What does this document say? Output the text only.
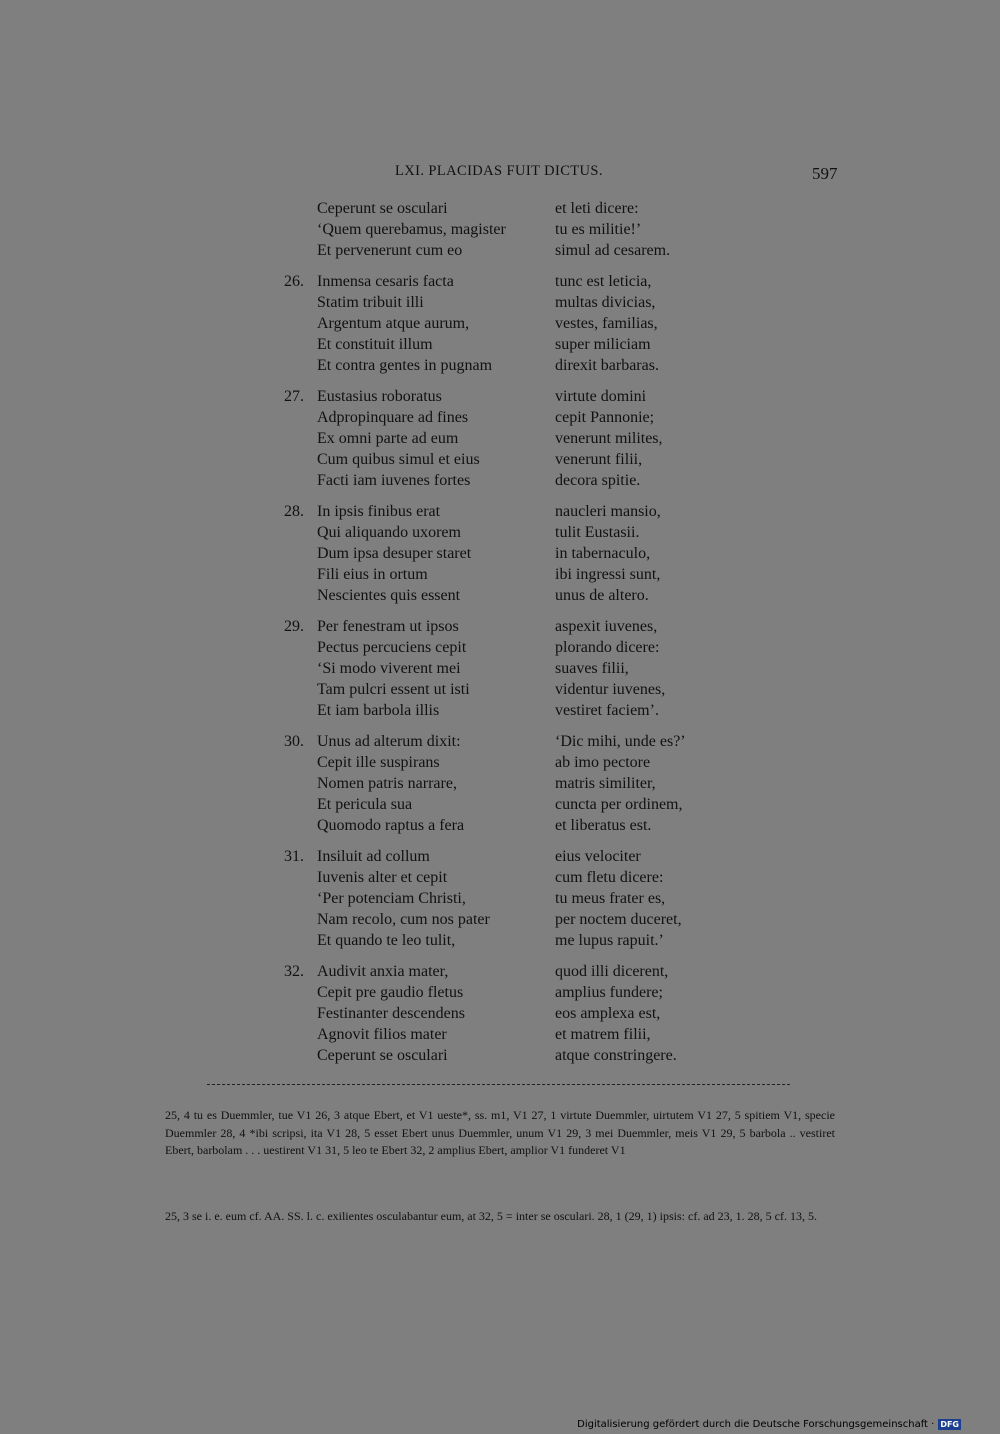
LXI. PLACIDAS FUIT DICTUS.	597
Ceperunt se osculari	et leti dicere:
‘Quem querebamus, magister	tu es militie!’
Et pervenerunt cum eo	simul ad cesarem.
26. Inmensa cesaris facta	tunc est leticia,
Statim tribuit illi	multas divicias,
Argentum atque aurum,	vestes, familias,
Et constituit illum	super miliciam
Et contra gentes in pugnam	direxit barbaras.
27. Eustasius roboratus	virtute domini
Adpropinquare ad fines	cepit Pannonie;
Ex omni parte ad eum	venerunt milites,
Cum quibus simul et eius	venerunt filii,
Facti iam iuvenes fortes	decora spitie.
28. In ipsis finibus erat	naucleri mansio,
Qui aliquando uxorem	tulit Eustasii.
Dum ipsa desuper staret	in tabernaculo,
Fili eius in ortum	ibi ingressi sunt,
Nescientes quis essent	unus de altero.
29. Per fenestram ut ipsos	aspexit iuvenes,
Pectus percuciens cepit	plorando dicere:
‘Si modo viverent mei	suaves filii,
Tam pulcri essent ut isti	videntur iuvenes,
Et iam barbola illis	vestiret faciem’.
30. Unus ad alterum dixit:	‘Dic mihi, unde es?’
Cepit ille suspirans	ab imo pectore
Nomen patris narrare,	matris similiter,
Et pericula sua	cuncta per ordinem,
Quomodo raptus a fera	et liberatus est.
31. Insiluit ad collum	eius velociter
Iuvenis alter et cepit	cum fletu dicere:
‘Per potenciam Christi,	tu meus frater es,
Nam recolo, cum nos pater	per noctem duceret,
Et quando te leo tulit,	me lupus rapuit.’
32. Audivit anxia mater,	quod illi dicerent,
Cepit pre gaudio fletus	amplius fundere;
Festinanter descendens	eos amplexa est,
Agnovit filios mater	et matrem filii,
Ceperunt se osculari	atque constringere.
25, 4 tu es Duemmler, tue V1 26, 3 atque Ebert, et V1 ueste*, ss. m1, V1 27, 1 virtute Duemmler, uirtutem V1 27, 5 spitiem V1, specie Duemmler 28, 4 *ibi scripsi, ita V1 28, 5 esset Ebert unus Duemmler, unum V1 29, 3 mei Duemmler, meis V1 29, 5 barbola .. vestiret Ebert, barbolam . . . uestirent V1 31, 5 leo te Ebert 32, 2 amplius Ebert, amplior V1 funderet V1
25, 3 se i. e. eum cf. AA. SS. l. c. exilientes osculabantur eum, at 32, 5 = inter se osculari. 28, 1 (29, 1) ipsis: cf. ad 23, 1. 28, 5 cf. 13, 5.
Digitalisierung gefördert durch die Deutsche Forschungsgemeinschaft · DFG
